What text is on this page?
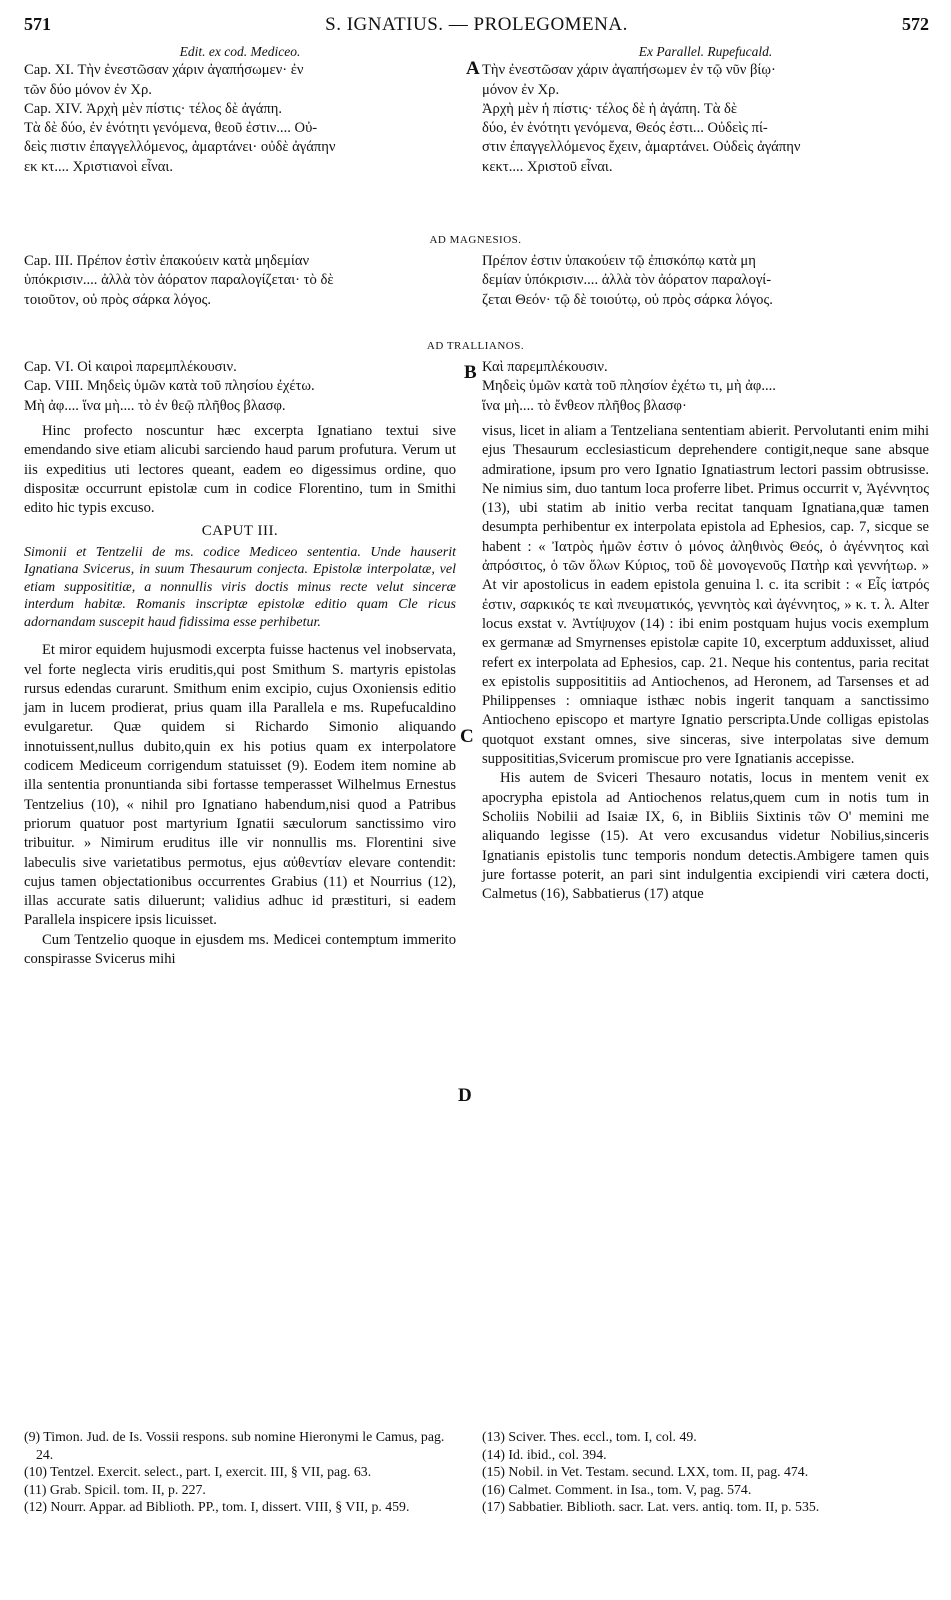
571	S. IGNATIUS. — PROLEGOMENA.	572
A
B
C
D
Edit. ex cod. Mediceo.
Cap. XI. Τὴν ἐνεστῶσαν χάριν ἀγαπήσωμεν· ἐν
τῶν δύο μόνον ἐν Χρ.
Cap. XIV. Ἀρχὴ μὲν πίστις· τέλος δὲ ἀγάπη.
Τὰ δὲ δύο, ἐν ἑνότητι γενόμενα, θεοῦ ἐστιν.... Οὐ-
δεὶς πιστιν ἐπαγγελλόμενος, ἁμαρτάνει· οὐδὲ ἀγάπην
εκ κτ.... Χριστιανοὶ εἶναι.
Ex Parallel. Rupefucald.
Τὴν ἐνεστῶσαν χάριν ἀγαπήσωμεν ἐν τῷ νῦν βίῳ·
μόνον ἐν Χρ.
Ἀρχὴ μὲν ἡ πίστις· τέλος δὲ ἡ ἀγάπη. Τὰ δὲ
δύο, ἐν ἑνότητι γενόμενα, Θεός ἐστι... Οὐδεὶς πί-
στιν ἐπαγγελλόμενος ἔχειν, ἁμαρτάνει. Οὐδεὶς ἀγάπην
κεκτ.... Χριστοῦ εἶναι.
AD MAGNESIOS.
Cap. III. Πρέπον ἐστὶν ἐπακούειν κατὰ μηδεμίαν
ὑπόκρισιν.... ἀλλὰ τὸν ἀόρατον παραλογίζεται· τὸ δὲ
τοιοῦτον, οὐ πρὸς σάρκα λόγος.
Πρέπον ἐστιν ὑπακούειν τῷ ἐπισκόπῳ κατὰ μη
δεμίαν ὑπόκρισιν.... ἀλλὰ τὸν ἀόρατον παραλογί-
ζεται Θεόν· τῷ δὲ τοιούτῳ, οὐ πρὸς σάρκα λόγος.
AD TRALLIANOS.
Cap. VI. Οἱ καιροὶ παρεμπλέκουσιν.
Cap. VIII. Μηδεὶς ὑμῶν κατὰ τοῦ πλησίου ἐχέτω.
Μὴ ἀφ.... ἵνα μὴ.... τὸ ἐν θεῷ πλῆθος βλασφ.
Καὶ παρεμπλέκουσιν.
Μηδεὶς ὑμῶν κατὰ τοῦ πλησίον ἐχέτω τι, μὴ ἀφ....
ἵνα μὴ.... τὸ ἔνθεον πλῆθος βλασφ·

Hinc profecto noscuntur hæc excerpta Ignatiano textui sive emendando sive etiam alicubi sarciendo haud parum profutura. Verum ut iis expeditius uti lectores queant, eadem eo digessimus ordine, quo dispositæ occurrunt epistolæ cum in codice Florentino, tum in Smithi edito hic typis excuso.

CAPUT III.

Simonii et Tentzelii de ms. codice Mediceo sententia. Unde hauserit Ignatiana Svicerus, in suum Thesaurum conjecta. Epistolæ interpolatæ, vel etiam supposititiæ, a nonnullis viris doctis minus recte velut sinceræ interdum habitæ. Romanis inscriptæ epistolæ editio quam Cle ricus adornandam suscepit haud fidissima esse perhibetur.

Et miror equidem hujusmodi excerpta fuisse hactenus vel inobservata, vel forte neglecta viris eruditis,qui post Smithum S. martyris epistolas rursus edendas curarunt. Smithum enim excipio, cujus Oxoniensis editio jam in lucem prodierat, prius quam illa Parallela e ms. Rupefucaldino evulgaretur. Quæ quidem si Richardo Simonio aliquando innotuissent,nullus dubito,quin ex his potius quam ex interpolatore codicem Mediceum corrigendum statuisset (9). Eodem item nomine ab illa sententia pronuntianda sibi fortasse temperasset Wilhelmus Ernestus Tentzelius (10), « nihil pro Ignatiano habendum,nisi quod a Patribus priorum quatuor post martyrium Ignatii sæculorum sanctissimo viro tribuitur. » Nimirum eruditus ille vir nonnullis ms. Florentini sive labeculis sive varietatibus permotus, ejus αὐθεντίαν elevare contendit: cujus tamen objectationibus occurrentes Grabius (11) et Nourrius (12), illas accurate satis diluerunt; validius adhuc id præstituri, si eadem Parallela inspicere ipsis licuisset.

Cum Tentzelio quoque in ejusdem ms. Medicei contemptum immerito conspirasse Svicerus mihi

visus, licet in aliam a Tentzeliana sententiam abierit. Pervolutanti enim mihi ejus Thesaurum ecclesiasticum deprehendere contigit,neque sane absque admiratione, ipsum pro vero Ignatio Ignatiastrum lectori passim obtrusisse. Ne nimius sim, duo tantum loca proferre libet. Primus occurrit v, Ἀγέννητος (13), ubi statim ab initio verba recitat tanquam Ignatiana,quæ tamen desumpta perhibentur ex interpolata epistola ad Ephesios, cap. 7, sicque se habent : « Ἰατρὸς ἡμῶν ἐστιν ὁ μόνος ἀληθινὸς Θεός, ὁ ἀγέννητος καὶ ἀπρόσιτος, ὁ τῶν ὅλων Κύριος, τοῦ δὲ μονογενοῦς Πατὴρ καὶ γεννήτωρ. » At vir apostolicus in eadem epistola genuina l. c. ita scribit : « Εἷς ἰατρός ἐστιν, σαρκικός τε καὶ πνευματικός, γεννητὸς καὶ ἀγέννητος, » κ. τ. λ. Alter locus exstat v. Ἀντίψυχον (14) : ibi enim postquam hujus vocis exemplum ex germanæ ad Smyrnenses epistolæ capite 10, excerptum adduxisset, aliud refert ex interpolata ad Ephesios, cap. 21. Neque his contentus, paria recitat ex epistolis supposititiis ad Antiochenos, ad Heronem, ad Tarsenses et ad Philippenses : omniaque isthæc nobis ingerit tanquam a sanctissimo Antiocheno episcopo et martyre Ignatio perscripta.Unde colligas epistolas quotquot exstant omnes, sive sinceras, sive interpolatas sive demum supposititias,Svicerum promiscue pro vere Ignatianis accepisse.

His autem de Sviceri Thesauro notatis, locus in mentem venit ex apocrypha epistola ad Antiochenos relatus,quem cum in notis tum in Scholiis Nobilii ad Isaiæ IX, 6, in Bibliis Sixtinis τῶν Ο' memini me aliquando legisse (15). At vero excusandus videtur Nobilius,sinceris Ignatianis epistolis tunc temporis nondum detectis.Ambigere tamen quis jure fortasse poterit, an pari sint indulgentia excipiendi viri cætera docti, Calmetus (16), Sabbatierus (17) atque

(9) Timon. Jud. de Is. Vossii respons. sub nomine Hieronymi le Camus, pag. 24.

(10) Tentzel. Exercit. select., part. I, exercit. III, § VII, pag. 63.

(11) Grab. Spicil. tom. II, p. 227.

(12) Nourr. Appar. ad Biblioth. PP., tom. I, dissert. VIII, § VII, p. 459.

(13) Sciver. Thes. eccl., tom. I, col. 49.

(14) Id. ibid., col. 394.

(15) Nobil. in Vet. Testam. secund. LXX, tom. II, pag. 474.

(16) Calmet. Comment. in Isa., tom. V, pag. 574.

(17) Sabbatier. Biblioth. sacr. Lat. vers. antiq. tom. II, p. 535.
